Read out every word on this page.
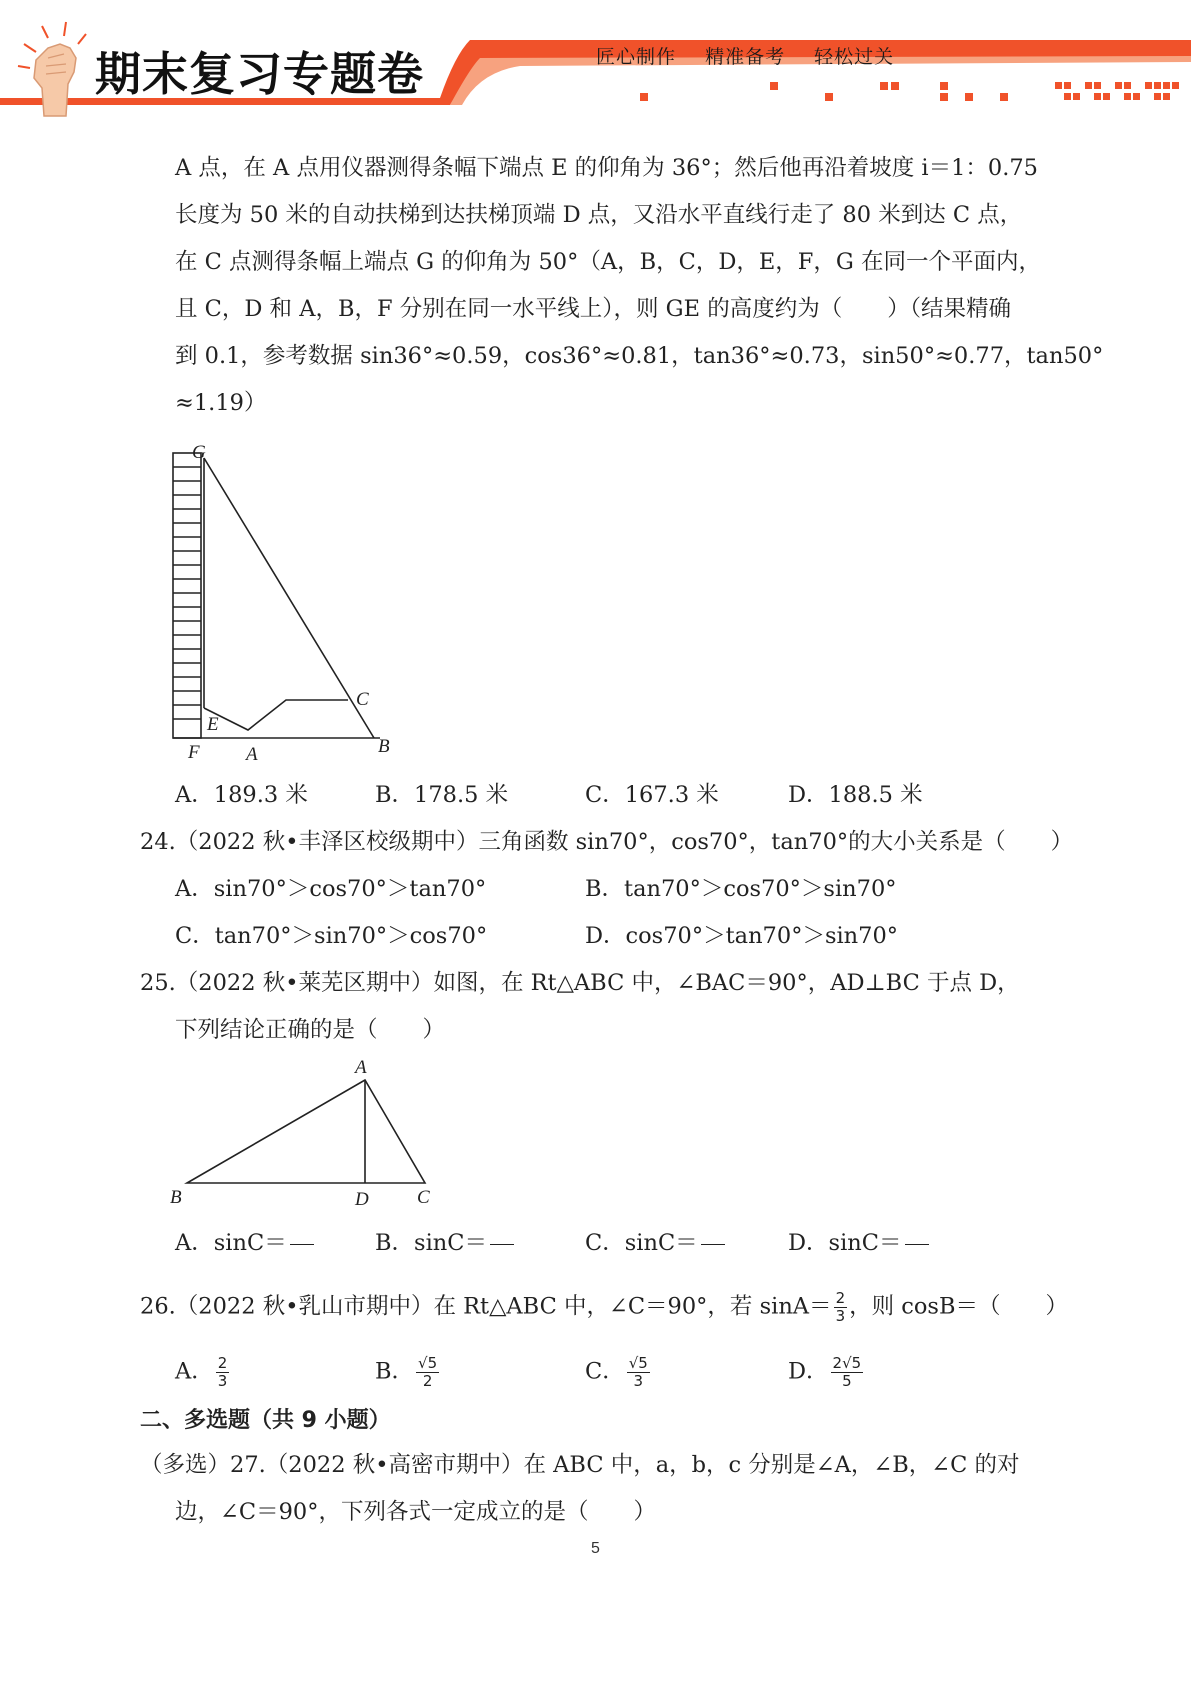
期末复习专题卷	匠心制作 精准备考 轻松过关
A 点，在 A 点用仪器测得条幅下端点 E 的仰角为 36°；然后他再沿着坡度 i＝1：0.75
长度为 50 米的自动扶梯到达扶梯顶端 D 点，又沿水平直线行走了 80 米到达 C 点，
在 C 点测得条幅上端点 G 的仰角为 50°（A，B，C，D，E，F，G 在同一个平面内，
且 C，D 和 A，B，F 分别在同一水平线上），则 GE 的高度约为（　　）（结果精确
到 0.1，参考数据 sin36°≈0.59，cos36°≈0.81，tan36°≈0.73，sin50°≈0.77，tan50°
≈1.19）
G
C
E
F A	B
A．189.3 米	B．178.5 米	C．167.3 米	D．188.5 米
24.（2022 秋•丰泽区校级期中）三角函数 sin70°，cos70°，tan70°的大小关系是（　　）
A．sin70°＞cos70°＞tan70°	B．tan70°＞cos70°＞sin70°
C．tan70°＞sin70°＞cos70°	D．cos70°＞tan70°＞sin70°
25.（2022 秋•莱芜区期中）如图，在 Rt△ABC 中，∠BAC＝90°，AD⊥BC 于点 D，
下列结论正确的是（　　）
A
B	D	C
A．sinC＝	B．sinC＝	C．sinC＝	D．sinC＝
26.（2022 秋•乳山市期中）在 Rt△ABC 中，∠C＝90°，若 $\sin A= \frac{2}{3}$ ，则 cosB＝（　　）
A． $\frac{2}{3}$	B． $\frac{√5}{2}$	C． $\frac{√5}{3}$	D． $\frac{2√5}{5}$
二、多选题（共 9 小题）
（多选）27.（2022 秋•高密市期中）在 ABC 中，a，b，c 分别是∠A，∠B，∠C 的对
边，∠C＝90°，下列各式一定成立的是（　　）
5
